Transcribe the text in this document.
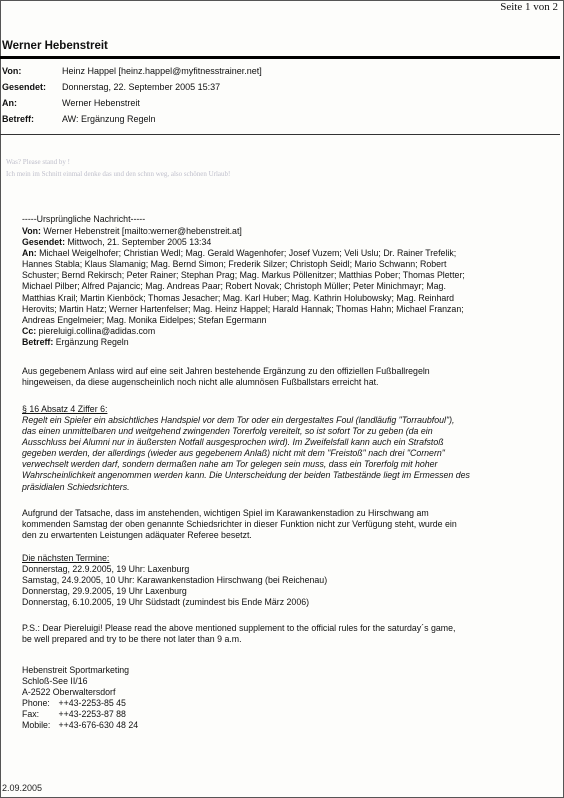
Seite 1 von 2
Werner Hebenstreit
Von:	Heinz Happel [heinz.happel@myfitnesstrainer.net]
Gesendet: Donnerstag, 22. September 2005 15:37
An:	Werner Hebenstreit
Betreff:	AW: Ergänzung Regeln
Was? Please stand by !
Ich mein im Schnitt einmal denke das und den schnn weg, also schönen Urlaub!
-----Ursprüngliche Nachricht-----
Von: Werner Hebenstreit [mailto:werner@hebenstreit.at]
Gesendet: Mittwoch, 21. September 2005 13:34
An: Michael Weigelhofer; Christian Wedl; Mag. Gerald Wagenhofer; Josef Vuzem; Veli Uslu; Dr. Rainer Trefelik;
Hannes Stabla; Klaus Slamanig; Mag. Bernd Simon; Frederik Silzer; Christoph Seidl; Mario Schwann; Robert
Schuster; Bernd Rekirsch; Peter Rainer; Stephan Prag; Mag. Markus Pöllenitzer; Matthias Pober; Thomas Pletter;
Michael Pilber; Alfred Pajancic; Mag. Andreas Paar; Robert Novak; Christoph Müller; Peter Minichmayr; Mag.
Matthias Krail; Martin Kienböck; Thomas Jesacher; Mag. Karl Huber; Mag. Kathrin Holubowsky; Mag. Reinhard
Herovits; Martin Hatz; Werner Hartenfelser; Mag. Heinz Happel; Harald Hannak; Thomas Hahn; Michael Franzan;
Andreas Engelmeier; Mag. Monika Eidelpes; Stefan Egermann
Cc: piereluigi.collina@adidas.com
Betreff: Ergänzung Regeln
Aus gegebenem Anlass wird auf eine seit Jahren bestehende Ergänzung zu den offiziellen Fußballregeln
hingeweisen, da diese augenscheinlich noch nicht alle alumnösen Fußballstars erreicht hat.
§ 16 Absatz 4 Ziffer 6:
Regelt ein Spieler ein absichtliches Handspiel vor dem Tor oder ein dergestaltes Foul (landläufig "Torraubfoul"),
das einen unmittelbaren und weitgehend zwingenden Torerfolg vereitelt, so ist sofort Tor zu geben (da ein
Ausschluss bei Alumni nur in äußersten Notfall ausgesprochen wird). Im Zweifelsfall kann auch ein Strafstoß
gegeben werden, der allerdings (wieder aus gegebenem Anlaß) nicht mit dem "Freistoß" nach drei "Cornern"
verwechselt werden darf, sondern dermaßen nahe am Tor gelegen sein muss, dass ein Torerfolg mit hoher
Wahrscheinlichkeit angenommen werden kann. Die Unterscheidung der beiden Tatbestände liegt im Ermessen des
präsidialen Schiedsrichters.
Aufgrund der Tatsache, dass im anstehenden, wichtigen Spiel im Karawankenstadion zu Hirschwang am
kommenden Samstag der oben genannte Schiedsrichter in dieser Funktion nicht zur Verfügung steht, wurde ein
den zu erwartenten Leistungen adäquater Referee besetzt.
Die nächsten Termine:
Donnerstag, 22.9.2005, 19 Uhr: Laxenburg
Samstag, 24.9.2005, 10 Uhr: Karawankenstadion Hirschwang (bei Reichenau)
Donnerstag, 29.9.2005, 19 Uhr Laxenburg
Donnerstag, 6.10.2005, 19 Uhr Südstadt (zumindest bis Ende März 2006)
P.S.: Dear Piereluigi! Please read the above mentioned supplement to the official rules for the saturday´s game,
be well prepared and try to be there not later than 9 a.m.
Hebenstreit Sportmarketing
Schloß-See II/16
A-2522 Oberwaltersdorf
Phone: ++43-2253-85 45
Fax: ++43-2253-87 88
Mobile: ++43-676-630 48 24
2.09.2005
